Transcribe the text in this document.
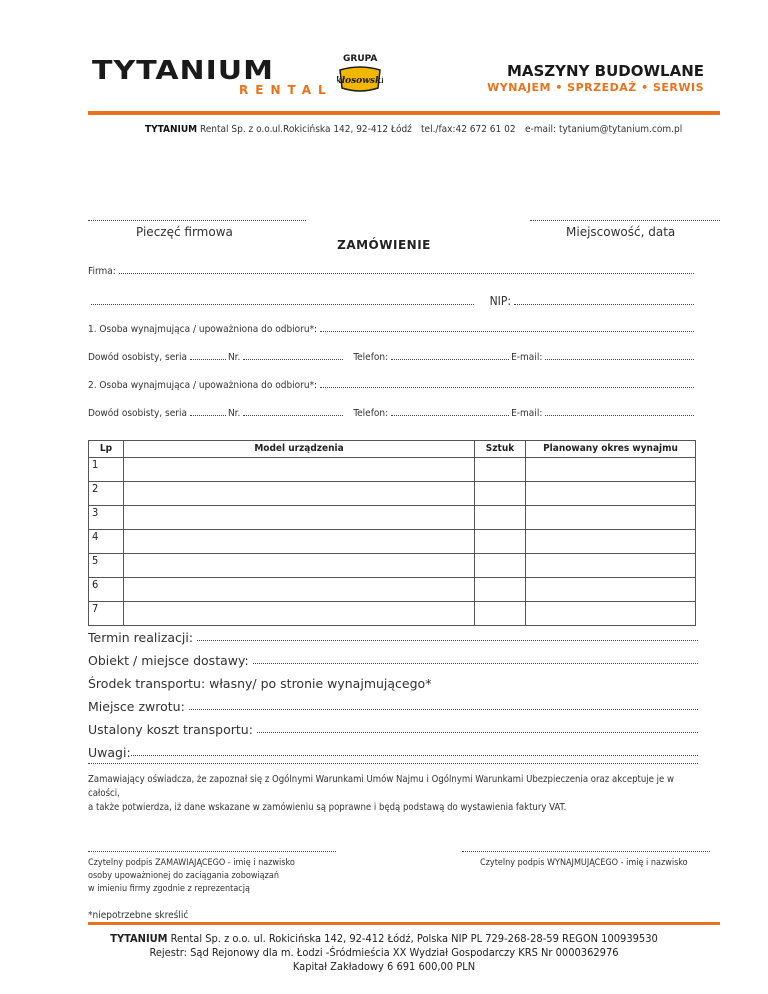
TYTANIUM
RENTAL
GRUPA
kłosowski
MASZYNY BUDOWLANE
WYNAJEM • SPRZEDAŻ • SERWIS
TYTANIUM Rental Sp. z o.o. ul.Rokicińska 142, 92-412 Łódź tel./fax:42 672 61 02 e-mail: tytanium@tytanium.com.pl
Pieczęć firmowa	Miejscowość, data
ZAMÓWIENIE
Firma:
NIP:
1. Osoba wynajmująca / upoważniona do odbioru*:
Dowód osobisty, seria	Nr.	Telefon:	E-mail:
2. Osoba wynajmująca / upoważniona do odbioru*:
Dowód osobisty, seria	Nr.	Telefon:	E-mail:
Lp	Model urządzenia	Sztuk	Planowany okres wynajmu
1			
2			
3			
4			
5			
6			
7			
Termin realizacji:
Obiekt / miejsce dostawy:
Środek transportu: własny/ po stronie wynajmującego*
Miejsce zwrotu:
Ustalony koszt transportu:
Uwagi:
Zamawiający oświadcza, że zapoznał się z Ogólnymi Warunkami Umów Najmu i Ogólnymi Warunkami Ubezpieczenia oraz akceptuje je w całości,
a także potwierdza, iż dane wskazane w zamówieniu są poprawne i będą podstawą do wystawienia faktury VAT.
Czytelny podpis ZAMAWIAJĄCEGO - imię i nazwisko
osoby upoważnionej do zaciągania zobowiązań
w imieniu firmy zgodnie z reprezentacją
Czytelny podpis WYNAJMUJĄCEGO - imię i nazwisko
*niepotrzebne skreślić
TYTANIUM Rental Sp. z o.o. ul. Rokicińska 142, 92-412 Łódź, Polska NIP PL 729-268-28-59 REGON 100939530
Rejestr: Sąd Rejonowy dla m. Łodzi -Śródmieścia XX Wydział Gospodarczy KRS Nr 0000362976
Kapitał Zakładowy 6 691 600,00 PLN
